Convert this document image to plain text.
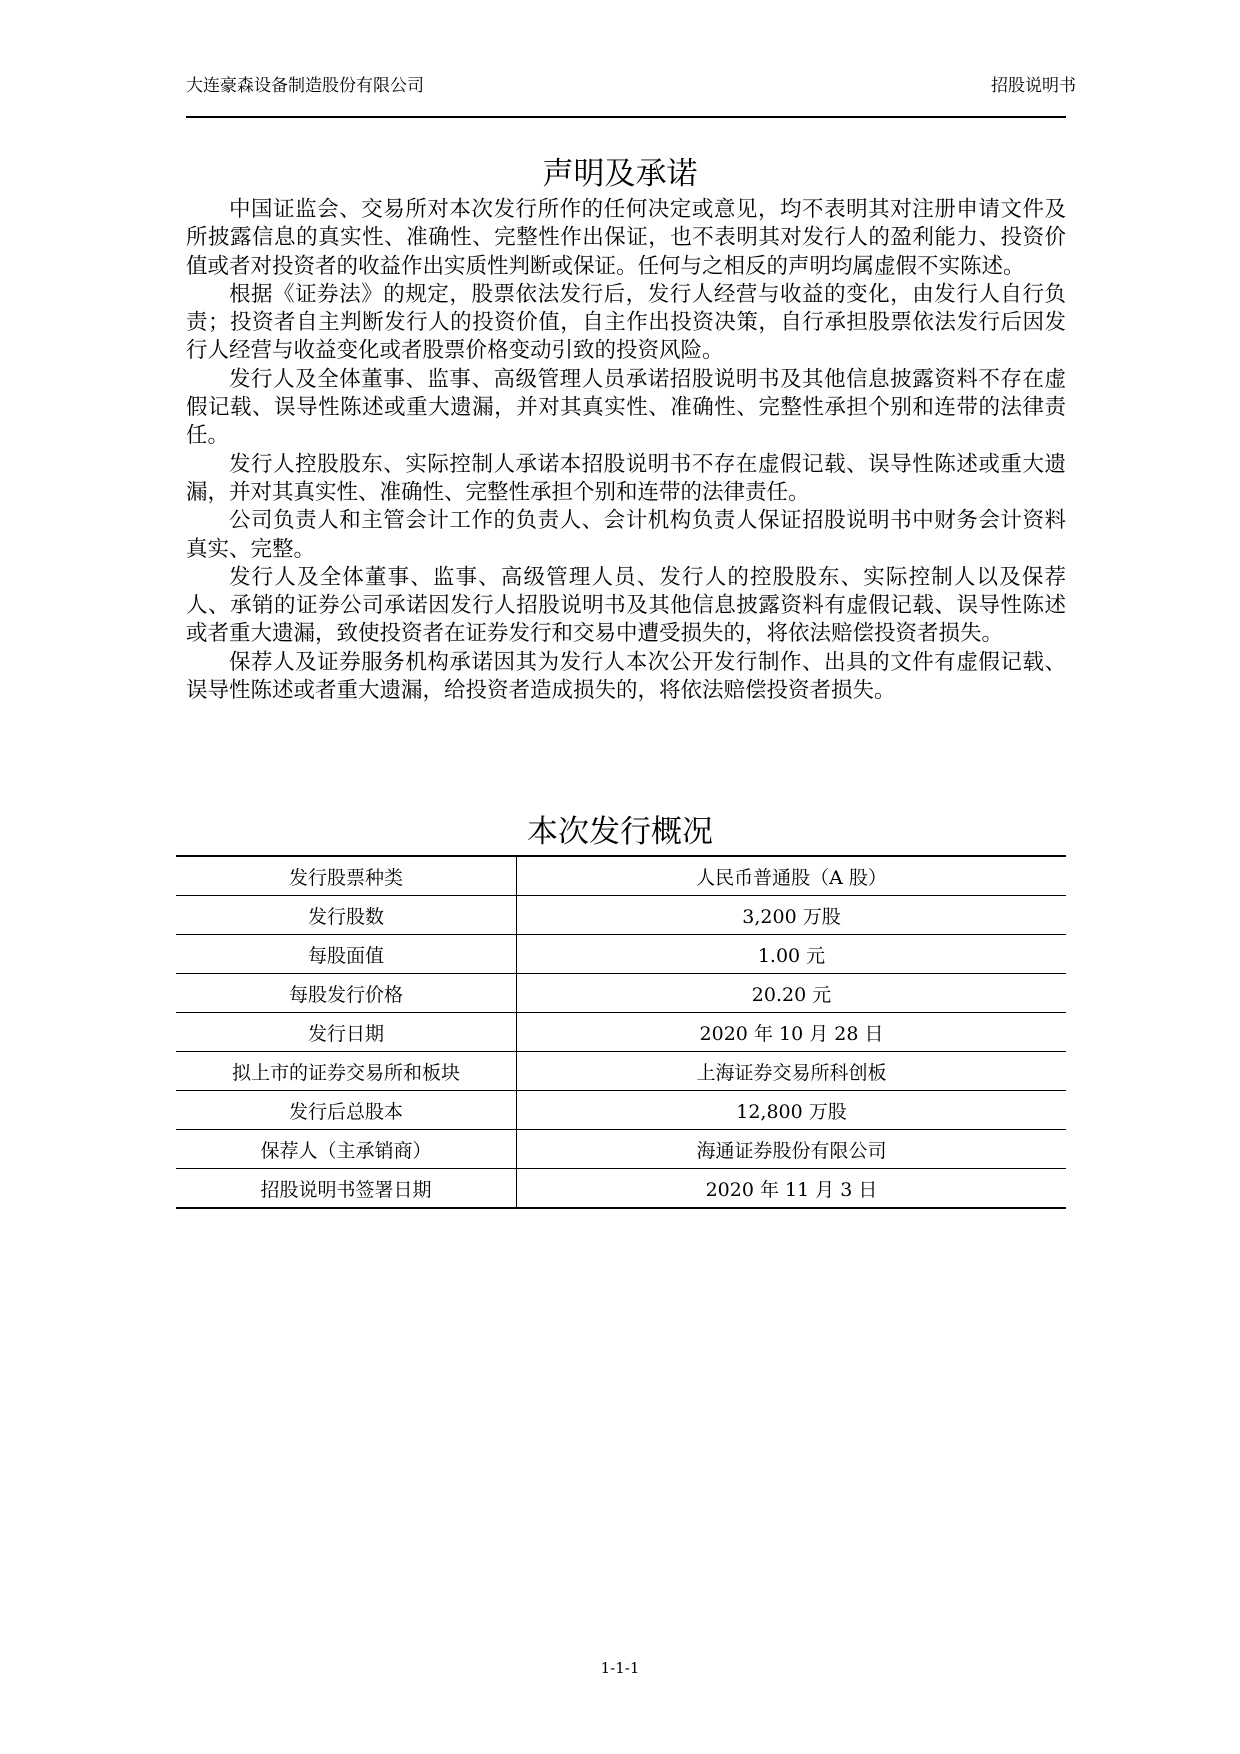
大连豪森设备制造股份有限公司	招股说明书
声明及承诺

中国证监会、交易所对本次发行所作的任何决定或意见，均不表明其对注册申请文件及所披露信息的真实性、准确性、完整性作出保证，也不表明其对发行人的盈利能力、投资价值或者对投资者的收益作出实质性判断或保证。任何与之相反的声明均属虚假不实陈述。

根据《证券法》的规定，股票依法发行后，发行人经营与收益的变化，由发行人自行负责；投资者自主判断发行人的投资价值，自主作出投资决策，自行承担股票依法发行后因发行人经营与收益变化或者股票价格变动引致的投资风险。

发行人及全体董事、监事、高级管理人员承诺招股说明书及其他信息披露资料不存在虚假记载、误导性陈述或重大遗漏，并对其真实性、准确性、完整性承担个别和连带的法律责任。

发行人控股股东、实际控制人承诺本招股说明书不存在虚假记载、误导性陈述或重大遗漏，并对其真实性、准确性、完整性承担个别和连带的法律责任。

公司负责人和主管会计工作的负责人、会计机构负责人保证招股说明书中财务会计资料真实、完整。

发行人及全体董事、监事、高级管理人员、发行人的控股股东、实际控制人以及保荐人、承销的证券公司承诺因发行人招股说明书及其他信息披露资料有虚假记载、误导性陈述或者重大遗漏，致使投资者在证券发行和交易中遭受损失的，将依法赔偿投资者损失。

保荐人及证券服务机构承诺因其为发行人本次公开发行制作、出具的文件有虚假记载、误导性陈述或者重大遗漏，给投资者造成损失的，将依法赔偿投资者损失。

本次发行概况
发行股票种类	人民币普通股（A 股）
发行股数	3,200 万股
每股面值	1.00 元
每股发行价格	20.20 元
发行日期	2020 年 10 月 28 日
拟上市的证券交易所和板块	上海证券交易所科创板
发行后总股本	12,800 万股
保荐人（主承销商）	海通证券股份有限公司
招股说明书签署日期	2020 年 11 月 3 日
1-1-1
